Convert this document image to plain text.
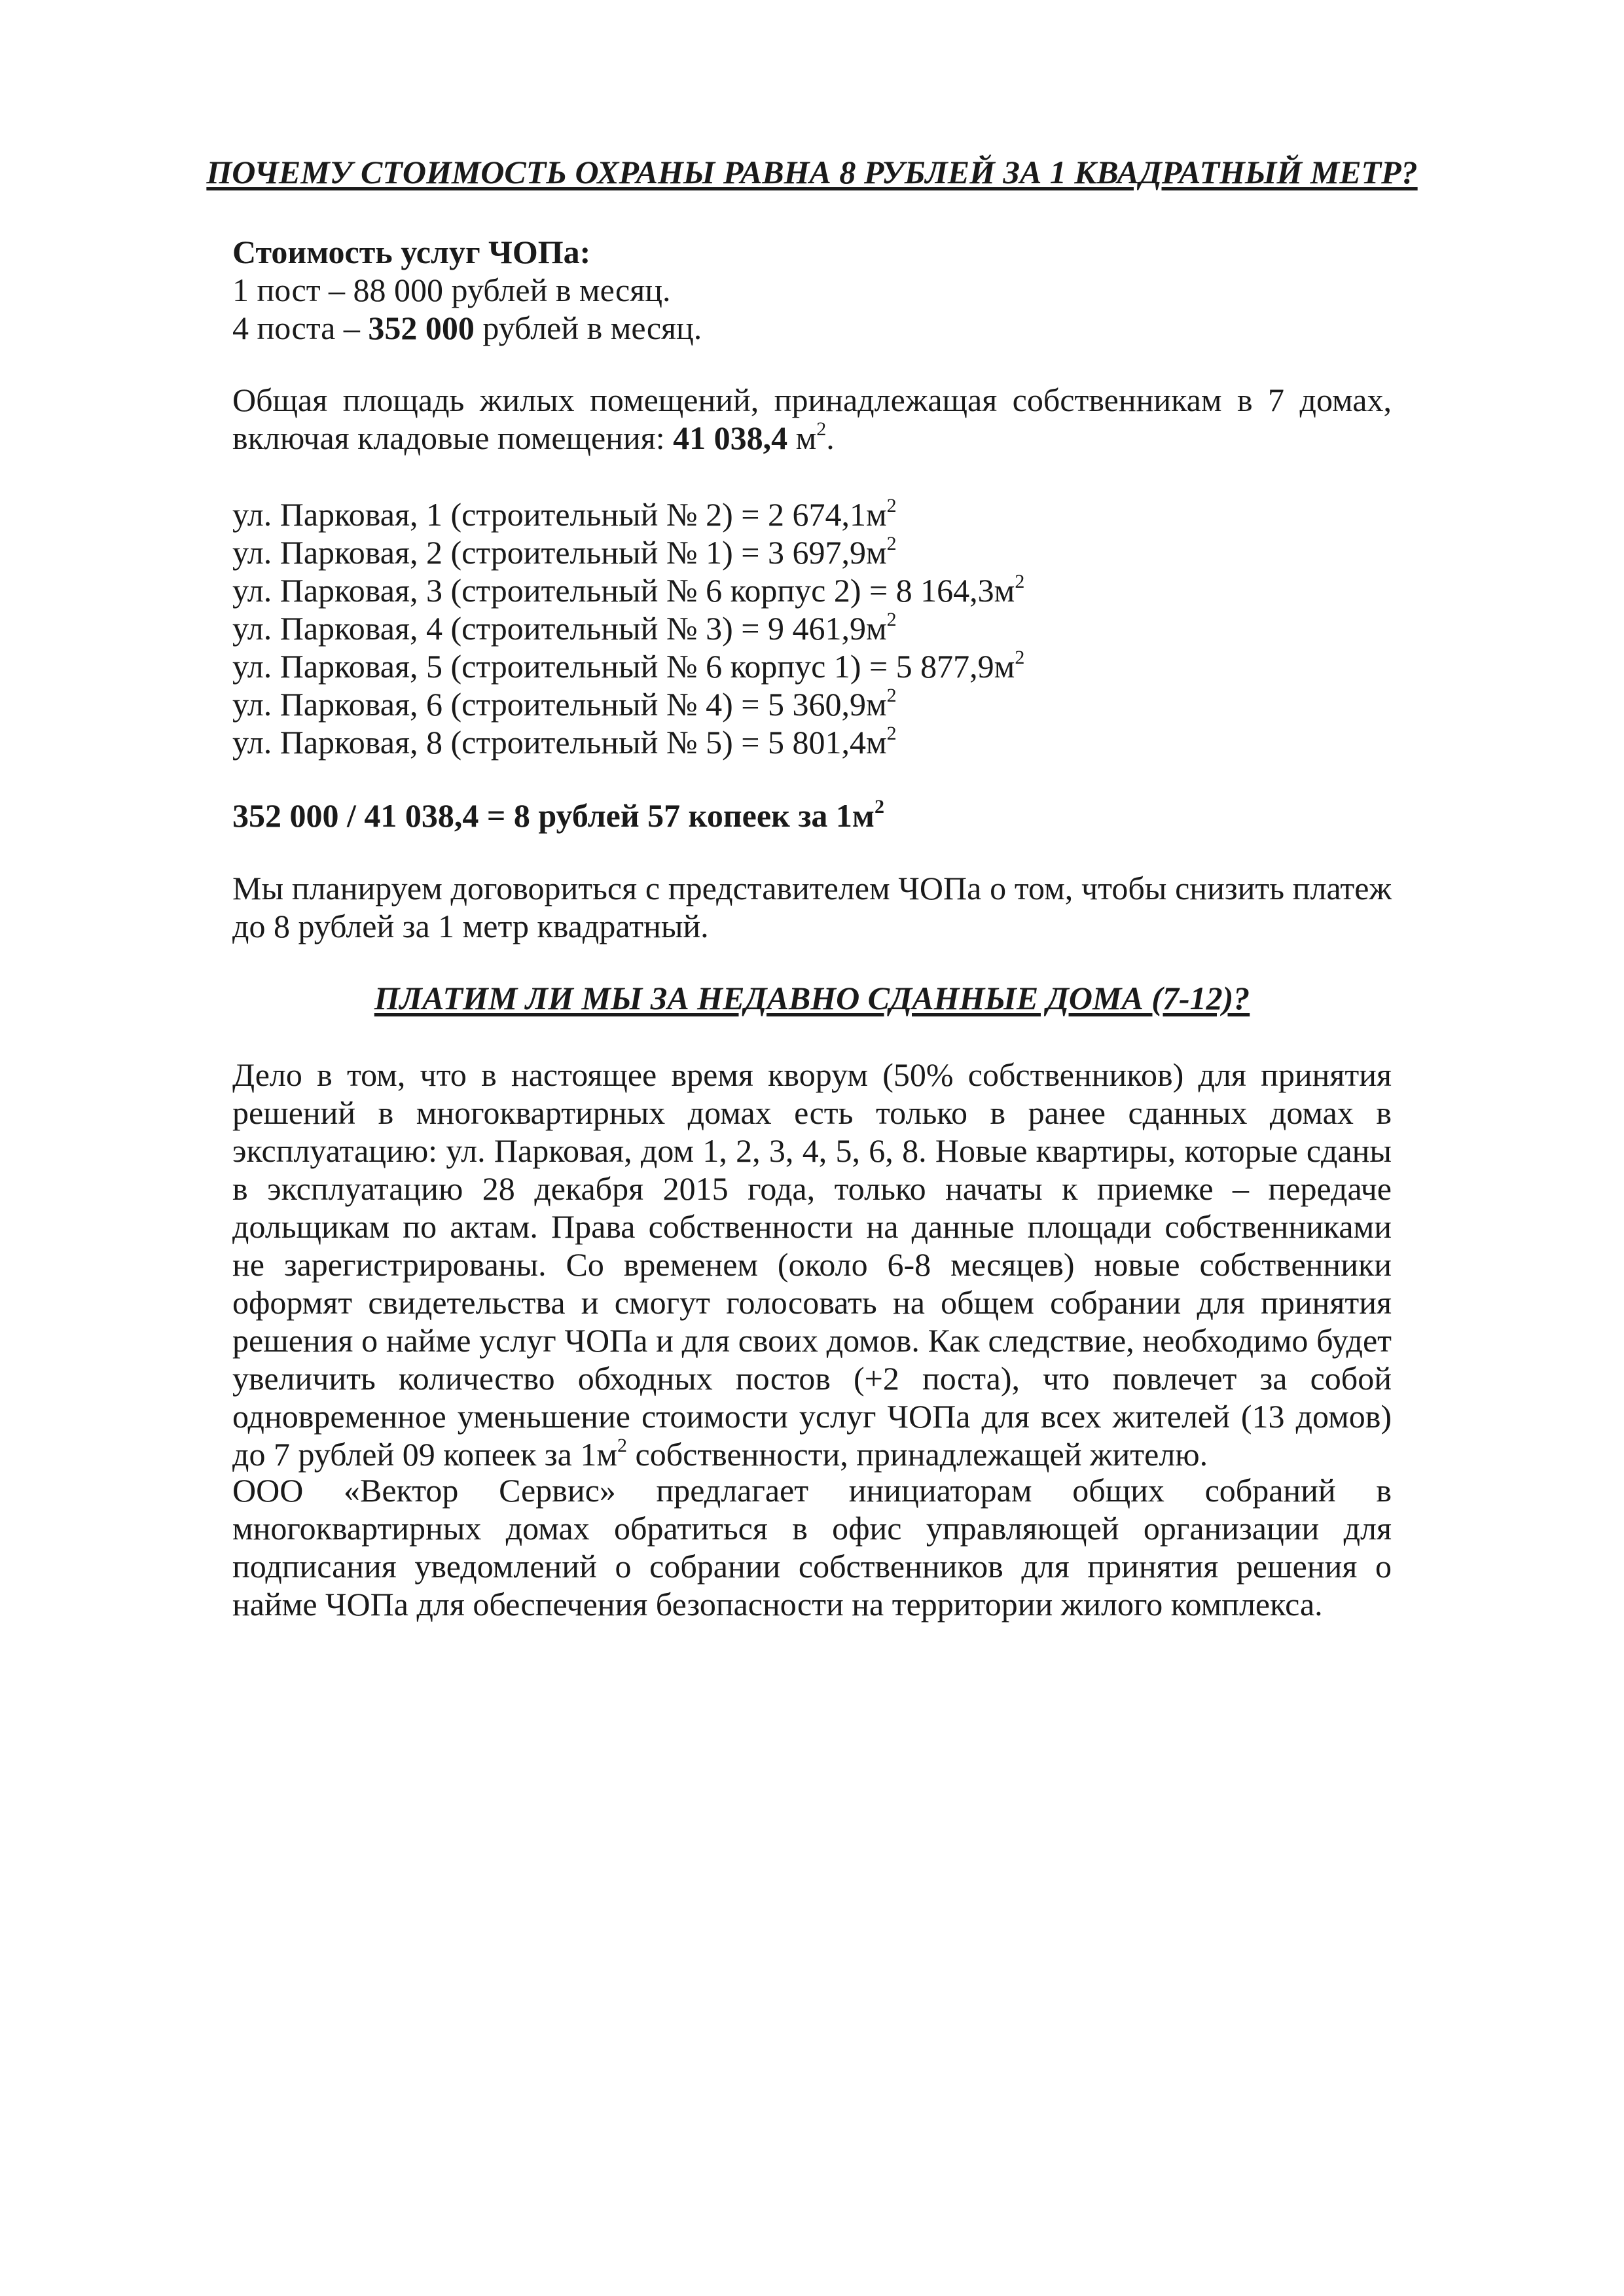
ПОЧЕМУ СТОИМОСТЬ ОХРАНЫ РАВНА 8 РУБЛЕЙ ЗА 1 КВАДРАТНЫЙ МЕТР?

Стоимость услуг ЧОПа:

1 пост – 88 000 рублей в месяц.

4 поста – 352 000 рублей в месяц.

Общая площадь жилых помещений, принадлежащая собственникам в 7 домах, включая кладовые помещения: 41 038,4 $м^2$.

ул. Парковая, 1 (строительный № 2) = 2 $674,1м^2$

ул. Парковая, 2 (строительный № 1) = 3 $697,9м^2$

ул. Парковая, 3 (строительный № 6 корпус 2) = 8 $164,3м^2$

ул. Парковая, 4 (строительный № 3) = 9 $461,9м^2$

ул. Парковая, 5 (строительный № 6 корпус 1) = 5 $877,9м^2$

ул. Парковая, 6 (строительный № 4) = 5 $360,9м^2$

ул. Парковая, 8 (строительный № 5) = 5 $801,4м^2$

352 000 / 41 038,4 = 8 рублей 57 копеек за $1м^2$

Мы планируем договориться с представителем ЧОПа о том, чтобы снизить платеж до 8 рублей за 1 метр квадратный.

ПЛАТИМ ЛИ МЫ ЗА НЕДАВНО СДАННЫЕ ДОМА (7-12)?

Дело в том, что в настоящее время кворум (50% собственников) для принятия решений в многоквартирных домах есть только в ранее сданных домах в эксплуатацию: ул. Парковая, дом 1, 2, 3, 4, 5, 6, 8. Новые квартиры, которые сданы в эксплуатацию 28 декабря 2015 года, только начаты к приемке – передаче дольщикам по актам. Права собственности на данные площади собственниками не зарегистрированы. Со временем (около 6-8 месяцев) новые собственники оформят свидетельства и смогут голосовать на общем собрании для принятия решения о найме услуг ЧОПа и для своих домов. Как следствие, необходимо будет увеличить количество обходных постов (+2 поста), что повлечет за собой одновременное уменьшение стоимости услуг ЧОПа для всех жителей (13 домов) до 7 рублей 09 копеек за $1м^2$ собственности, принадлежащей жителю.

ООО «Вектор Сервис» предлагает инициаторам общих собраний в многоквартирных домах обратиться в офис управляющей организации для подписания уведомлений о собрании собственников для принятия решения о найме ЧОПа для обеспечения безопасности на территории жилого комплекса.
